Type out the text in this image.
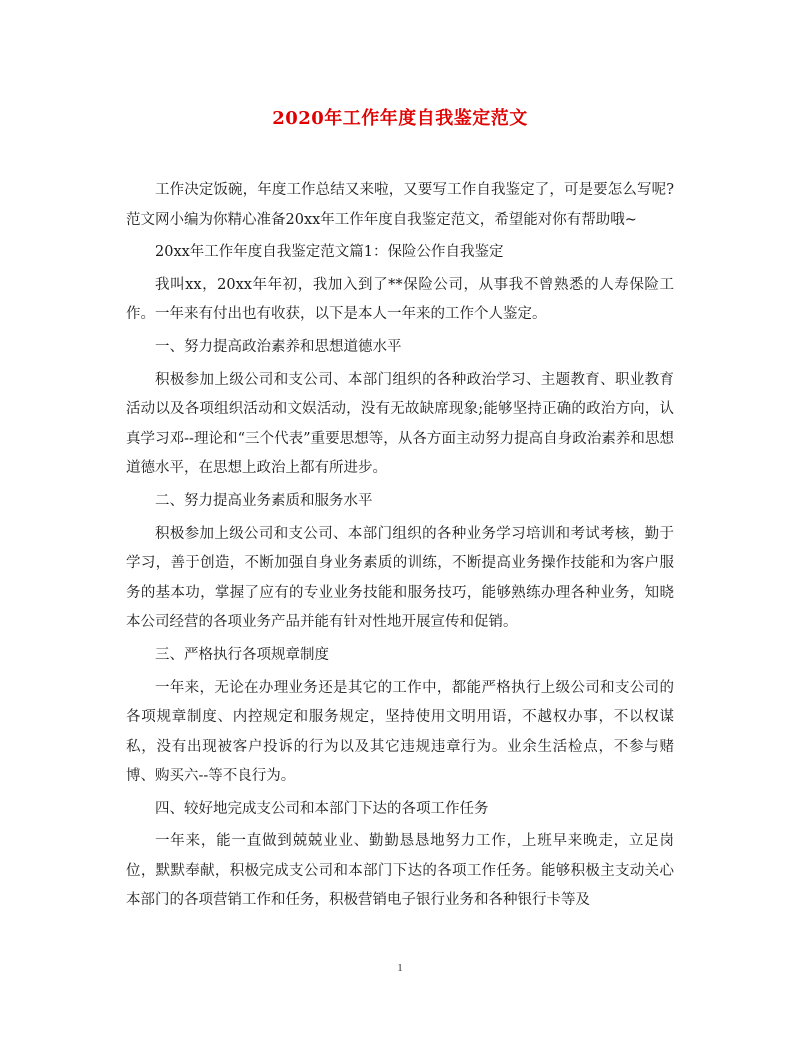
2020年工作年度自我鉴定范文

工作决定饭碗，年度工作总结又来啦，又要写工作自我鉴定了，可是要怎么写呢?范文网小编为你精心准备20xx年工作年度自我鉴定范文，希望能对你有帮助哦~

20xx年工作年度自我鉴定范文篇1：保险公作自我鉴定

我叫xx，20xx年年初，我加入到了**保险公司，从事我不曾熟悉的人寿保险工作。一年来有付出也有收获，以下是本人一年来的工作个人鉴定。

一、努力提高政治素养和思想道德水平

积极参加上级公司和支公司、本部门组织的各种政治学习、主题教育、职业教育活动以及各项组织活动和文娱活动，没有无故缺席现象;能够坚持正确的政治方向，认真学习邓--理论和“三个代表”重要思想等，从各方面主动努力提高自身政治素养和思想道德水平，在思想上政治上都有所进步。

二、努力提高业务素质和服务水平

积极参加上级公司和支公司、本部门组织的各种业务学习培训和考试考核，勤于学习，善于创造，不断加强自身业务素质的训练，不断提高业务操作技能和为客户服务的基本功，掌握了应有的专业业务技能和服务技巧，能够熟练办理各种业务，知晓本公司经营的各项业务产品并能有针对性地开展宣传和促销。

三、严格执行各项规章制度

一年来，无论在办理业务还是其它的工作中，都能严格执行上级公司和支公司的各项规章制度、内控规定和服务规定，坚持使用文明用语，不越权办事，不以权谋私，没有出现被客户投诉的行为以及其它违规违章行为。业余生活检点，不参与赌博、购买六--等不良行为。

四、较好地完成支公司和本部门下达的各项工作任务

一年来，能一直做到兢兢业业、勤勤恳恳地努力工作，上班早来晚走，立足岗位，默默奉献，积极完成支公司和本部门下达的各项工作任务。能够积极主支动关心本部门的各项营销工作和任务，积极营销电子银行业务和各种银行卡等及

1
